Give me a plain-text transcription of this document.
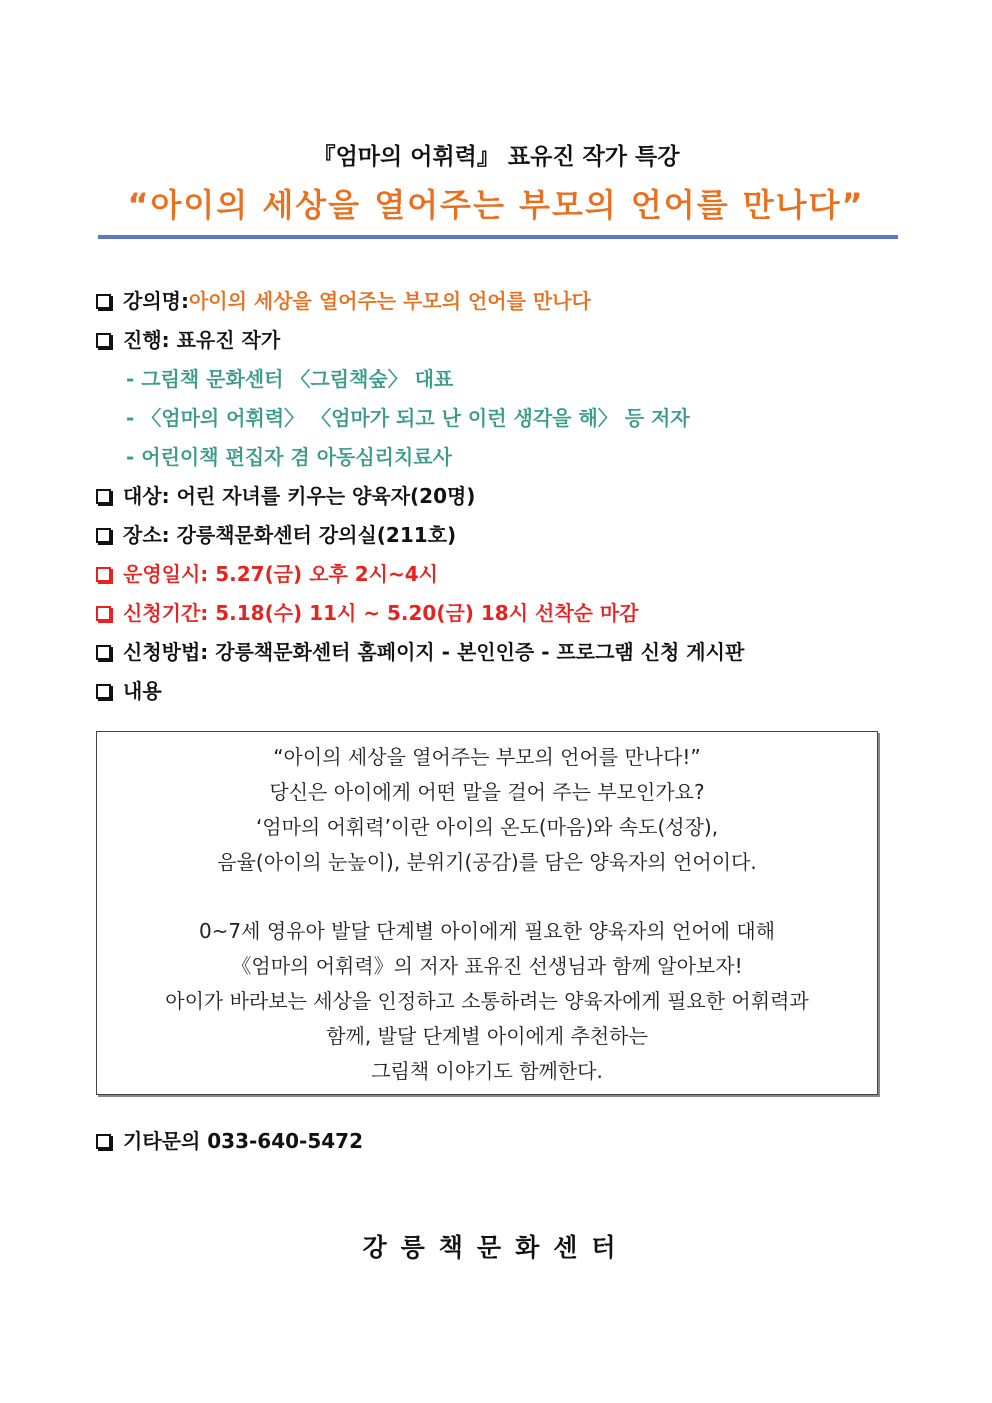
『엄마의 어휘력』 표유진 작가 특강
“아이의 세상을 열어주는 부모의 언어를 만나다”
강의명: 아이의 세상을 열어주는 부모의 언어를 만나다
진행: 표유진 작가
- 그림책 문화센터 〈그림책숲〉 대표
- 〈엄마의 어휘력〉 〈엄마가 되고 난 이런 생각을 해〉 등 저자
- 어린이책 편집자 겸 아동심리치료사
대상: 어린 자녀를 키우는 양육자(20명)
장소: 강릉책문화센터 강의실(211호)
운영일시: 5.27(금) 오후 2시~4시
신청기간: 5.18(수) 11시 ~ 5.20(금) 18시 선착순 마감
신청방법: 강릉책문화센터 홈페이지 - 본인인증 - 프로그램 신청 게시판
내용
“아이의 세상을 열어주는 부모의 언어를 만나다!”
당신은 아이에게 어떤 말을 걸어 주는 부모인가요?
‘엄마의 어휘력’이란 아이의 온도(마음)와 속도(성장),
음율(아이의 눈높이), 분위기(공감)를 담은 양육자의 언어이다.
0~7세 영유아 발달 단계별 아이에게 필요한 양육자의 언어에 대해
《엄마의 어휘력》의 저자 표유진 선생님과 함께 알아보자!
아이가 바라보는 세상을 인정하고 소통하려는 양육자에게 필요한 어휘력과
함께, 발달 단계별 아이에게 추천하는
그림책 이야기도 함께한다.
기타문의 033-640-5472
강릉책문화센터
